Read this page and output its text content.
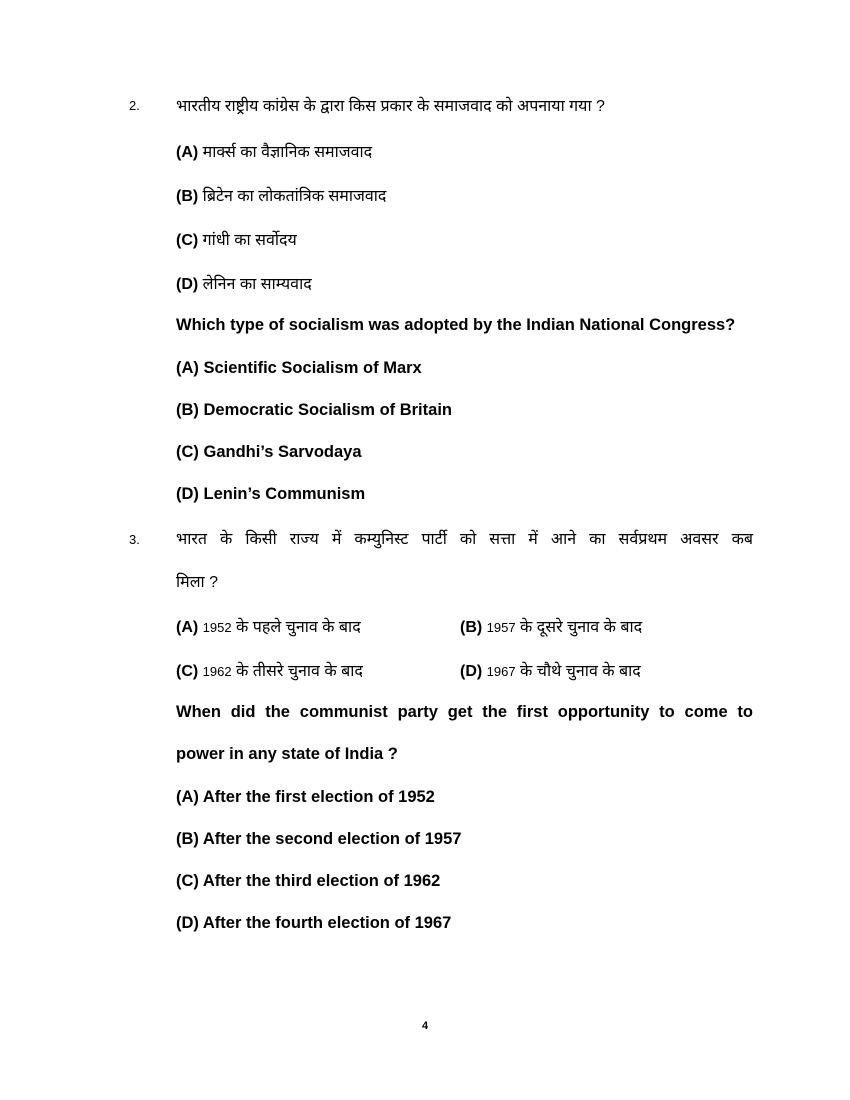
2. भारतीय राष्ट्रीय कांग्रेस के द्वारा किस प्रकार के समाजवाद को अपनाया गया ?
(A) मार्क्स का वैज्ञानिक समाजवाद
(B) ब्रिटेन का लोकतांत्रिक समाजवाद
(C) गांधी का सर्वोदय
(D) लेनिन का साम्यवाद
Which type of socialism was adopted by the Indian National Congress?
(A) Scientific Socialism of Marx
(B) Democratic Socialism of Britain
(C) Gandhi’s Sarvodaya
(D) Lenin’s Communism
3. भारत के किसी राज्य में कम्युनिस्ट पार्टी को सत्ता में आने का सर्वप्रथम अवसर कब
मिला ?
(A) 1952 के पहले चुनाव के बाद	(B) 1957 के दूसरे चुनाव के बाद
(C) 1962 के तीसरे चुनाव के बाद	(D) 1967 के चौथे चुनाव के बाद
When did the communist party get the first opportunity to come to
power in any state of India ?
(A) After the first election of 1952
(B) After the second election of 1957
(C) After the third election of 1962
(D) After the fourth election of 1967
4
